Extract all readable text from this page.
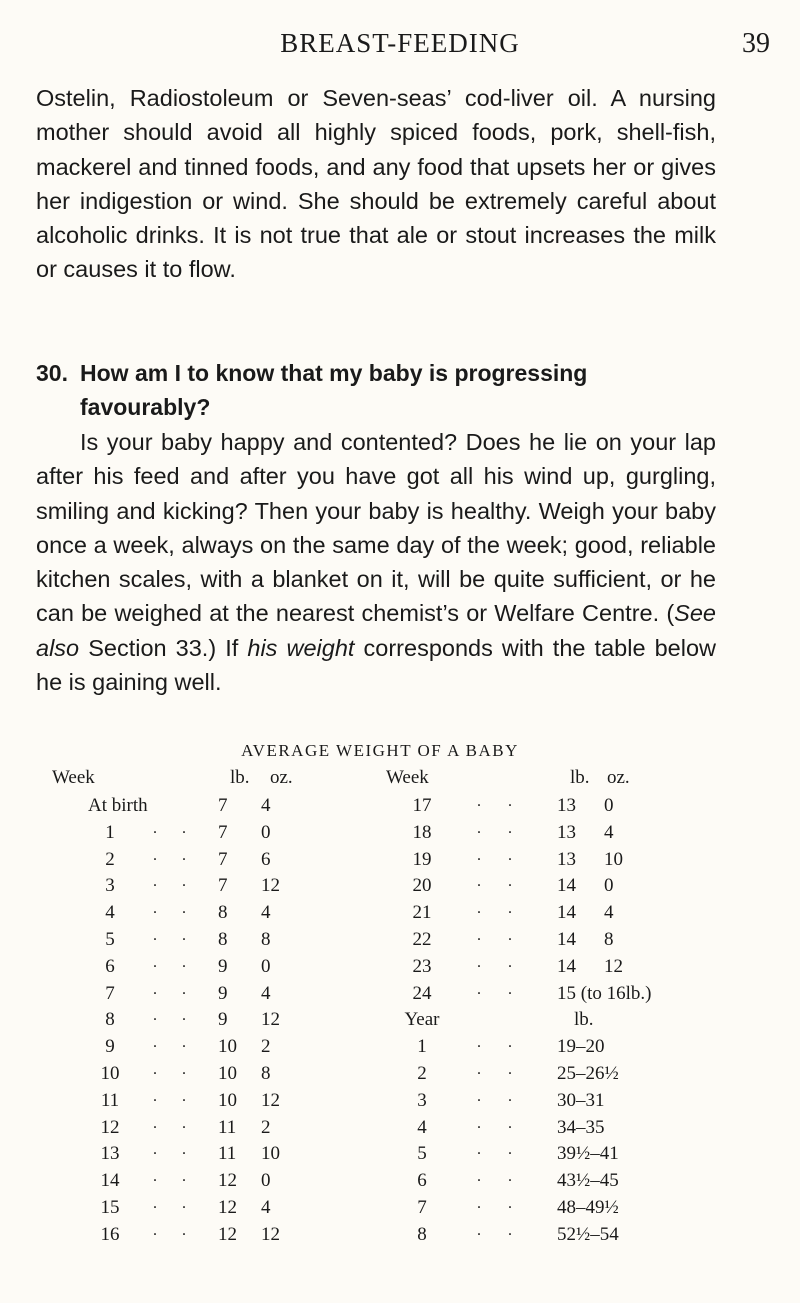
BREAST-FEEDING	39
Ostelin, Radiostoleum or Seven-seas’ cod-liver oil. A nursing mother should avoid all highly spiced foods, pork, shell-fish, mackerel and tinned foods, and any food that upsets her or gives her indigestion or wind. She should be extremely careful about alcoholic drinks. It is not true that ale or stout increases the milk or causes it to flow.
30. How am I to know that my baby is progressing
favourably?
Is your baby happy and contented? Does he lie on your lap after his feed and after you have got all his wind up, gurgling, smiling and kicking? Then your baby is healthy. Weigh your baby once a week, always on the same day of the week; good, reliable kitchen scales, with a blanket on it, will be quite sufficient, or he can be weighed at the nearest chemist’s or Welfare Centre. (See also Section 33.) If his weight corresponds with the table below he is gaining well.
AVERAGE WEIGHT OF A BABY
Week	lb. oz.	Week	lb. oz.
At birth	7 4
1 . . 7 0
2 . . 7 6
3 . . 7 12
4 . . 8 4
5 . . 8 8
6 . . 9 0
7 . . 9 4
8 . . 9 12
9 . . 10 2
10 . . 10 8
11 . . 10 12
12 . . 11 2
13 . . 11 10
14 . . 12 0
15 . . 12 4
16 . . 12 12
17	. . 13 0
18	. . 13 4
19	. . 13 10
20	. . 14 0
21	. . 14 4
22	. . 14 8
23	. . 14 12
24	. . 15 (to 16lb.)
Year	lb.
1	. . 19–20
2	. . 25–26½
3	. . 30–31
4	. . 34–35
5	. . 39½–41
6	. . 43½–45
7	. . 48–49½
8	. . 52½–54
